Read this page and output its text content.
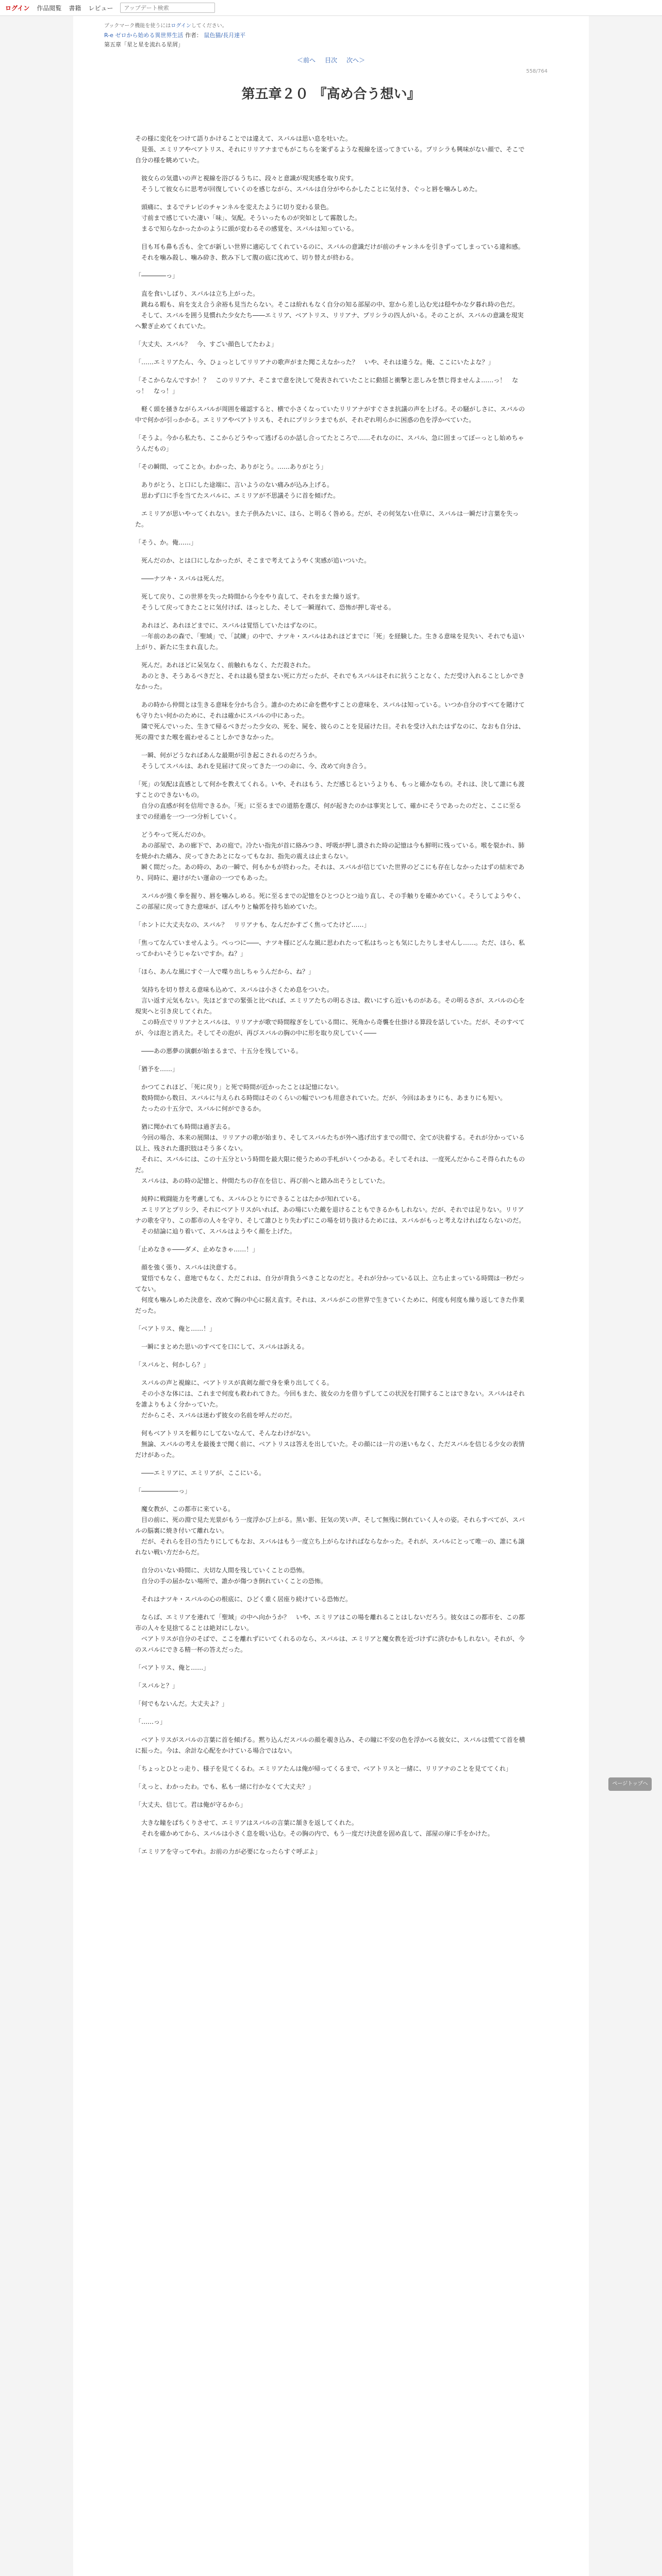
ログイン 作品閲覧 書籍 レビュー
アップデート検索
ブックマーク機能を使うにはログインしてください。
R-e ゼロから始める異世界生活 作者： 鼠色猫/長月達平
第五章「星と星を流れる星屑」
＜前へ 目次 次へ＞
558/764
第五章２０ 『高め合う想い』

その様に変化をつけて語りかけることでは違えて、スバルは思い息を吐いた。
　見張、エミリアやベアトリス、それにリリアナまでもがこちらを案ずるような視線を送ってきている。プリシラも興味がない顔で、そこで自分の様を眺めていた。

　彼女らの気遣いの声と視線を浴びるうちに、段々と意識が現実感を取り戻す。
　そうして彼女らに思考が回復していくのを感じながら、スバルは自分がやらかしたことに気付き、ぐっと唇を噛みしめた。

　頭痛に、まるでテレビのチャンネルを変えたように切り変わる景色。
　寸前まで感じていた凄い「味」、気配。そういったものが突如として霧散した。
　まるで知らなかったかのように頭が変わるその感覚を、スバルは知っている。

　目も耳も鼻も舌も、全てが新しい世界に適応してくれているのに、スバルの意識だけが前のチャンネルを引きずってしまっている違和感。
　それを噛み殺し、噛み砕き、飲み下して腹の底に沈めて、切り替えが終わる。

「――――っ」

　直を食いしばり、スバルは立ち上がった。
　跳ねる暇も、肩を支え合う余裕も見当たらない。そこは紛れもなく自分の知る部屋の中、窓から差し込む光は穏やかな夕暮れ時の色だ。
　そして、スバルを囲う見慣れた少女たち――エミリア、ベアトリス、リリアナ、プリシラの四人がいる。そのことが、スバルの意識を現実へ繋ぎ止めてくれていた。

「大丈夫、スバル？　今、すごい顔色してたわよ」

「……エミリアたん、今、ひょっとしてリリアナの歌声がまた聞こえなかった？　いや、それは違うな。俺、ここにいたよな？」

「そこからなんですか！？　このリリアナ、そこまで意を決して発表されていたことに動揺と衝撃と悲しみを禁じ得ませんよ……っ！　なっ！　なっ！」

　軽く頭を掻きながらスバルが周囲を確認すると、横で小さくなっていたリリアナがすぐさま抗議の声を上げる。その騒がしさに、スバルの中で何かが引っかかる。エミリアやベアトリスも、それにプリシラまでもが、それぞれ明らかに困惑の色を浮かべていた。

「そうよ。今から私たち、ここからどうやって逃げるのか話し合ってたところで……それなのに、スバル、急に固まってぼーっとし始めちゃうんだもの」

「その瞬間、ってことか。わかった、ありがとう。……ありがとう」

　ありがとう、と口にした途端に、言いようのない痛みが込み上げる。
　思わず口に手を当てたスバルに、エミリアが不思議そうに首を傾げた。

　エミリアが思いやってくれない。また子供みたいに、ほら、と明るく咎める。だが、その何気ない仕草に、スバルは一瞬だけ言葉を失った。

「そう、か。俺……」

　死んだのか、とは口にしなかったが、そこまで考えてようやく実感が追いついた。

　――ナツキ・スバルは死んだ。

　死して戻り、この世界を失った時間から今をやり直して、それをまた繰り返す。
　そうして戻ってきたことに気付けば、ほっとした、そして一瞬遅れて、恐怖が押し寄せる。

　あれほど、あれほどまでに、スバルは覚悟していたはずなのに。
　一年前のあの森で、「聖域」で、「試練」の中で、ナツキ・スバルはあれほどまでに「死」を経験した。生きる意味を見失い、それでも這い上がり、新たに生まれ直した。

　死んだ。あれほどに呆気なく、前触れもなく、ただ殺された。
　あのとき、そうあるべきだと、それは最も望まない死に方だったが、それでもスバルはそれに抗うことなく、ただ受け入れることしかできなかった。

　あの時から仲間とは生きる意味を分かち合う。誰かのために命を燃やすことの意味を、スバルは知っている。いつか自分のすべてを賭けても守りたい何かのために、それは確かにスバルの中にあった。
　隣で死んでいった、生きて帰るべきだった少女の、死を、屍を、彼らのことを見届けた日。それを受け入れたはずなのに、なおも自分は、死の淵でまた喉を震わせることしかできなかった。

　一瞬、何がどうなればあんな最期が引き起こされるのだろうか。
　そうしてスバルは、あれを見届けて戻ってきた一つの命に、今、改めて向き合う。

「死」の気配は直感として何かを教えてくれる。いや、それはもう、ただ感じるというよりも、もっと確かなもの。それは、決して誰にも渡すことのできないもの。
　自分の直感が何を信用できるか。「死」に至るまでの道筋を選び、何が起きたのかは事実として、確かにそうであったのだと、ここに至るまでの経過を一つ一つ分析していく。

　どうやって死んだのか。
　あの部屋で、あの廊下で、あの庭で。冷たい指先が首に絡みつき、呼吸が押し潰された時の記憶は今も鮮明に残っている。喉を裂かれ、肺を焼かれた痛み、戻ってきたあとになってもなお、指先の震えは止まらない。
　瞬く間だった。あの時の、あの一瞬で、何もかもが終わった。それは、スバルが信じていた世界のどこにも存在しなかったはずの結末であり、同時に、避けがたい運命の一つでもあった。

　スバルが強く拳を握り、唇を噛みしめる。死に至るまでの記憶をひとつひとつ辿り直し、その手触りを確かめていく。そうしてようやく、この部屋に戻ってきた意味が、ぼんやりと輪郭を持ち始めていた。

「ホントに大丈夫なの、スバル？　リリアナも、なんだかすごく焦ってたけど……」

「焦ってなんていませんよう。ぺっつに――、ナツキ様にどんな風に思われたって私はちっとも気にしたりしませんし……。ただ、ほら、私ってかわいそうじゃないですか。ね？」

「ほら、あんな風にすぐ一人で喋り出しちゃうんだから、ね？」

　気持ちを切り替える意味も込めて、スバルは小さくため息をついた。
　言い返す元気もない。先ほどまでの緊張と比べれば、エミリアたちの明るさは、救いにすら近いものがある。その明るさが、スバルの心を現実へと引き戻してくれた。
　この時点でリリアナとスバルは、リリアナが歌で時間稼ぎをしている間に、死角から奇襲を仕掛ける算段を話していた。だが、そのすべてが、今は泡と消えた。そしてその泡が、再びスバルの胸の中に形を取り戻していく――

　――あの悪夢の演劇が始まるまで、十五分を残している。

「猶予を……」

　かつてこれほど、「死に戻り」と死で時間が近かったことは記憶にない。
　数時間から数日、スバルに与えられる時間はそのくらいの幅でいつも用意されていた。だが、今回はあまりにも、あまりにも短い。
　たったの十五分で、スバルに何ができるか。

　猶に聞かれても時間は過ぎ去る。
　今回の場合、本来の展開は、リリアナの歌が始まり、そしてスバルたちが外へ逃げ出すまでの間で、全てが決着する。それが分かっている以上、残された選択肢はそう多くない。
　それに、スバルには、この十五分という時間を最大限に使うための手札がいくつかある。そしてそれは、一度死んだからこそ得られたものだ。
　スバルは、あの時の記憶と、仲間たちの存在を信じ、再び前へと踏み出そうとしていた。

　純粋に戦闘能力を考慮しても、スバルひとりにできることはたかが知れている。
　エミリアとプリシラ、それにベアトリスがいれば、あの場にいた敵を退けることもできるかもしれない。だが、それでは足りない。リリアナの歌を守り、この都市の人々を守り、そして誰ひとり失わずにこの場を切り抜けるためには、スバルがもっと考えなければならないのだ。
　その結論に辿り着いて、スバルはようやく顔を上げた。

「止めなきゃ――ダメ、止めなきゃ……！」

　顔を強く張り、スバルは決意する。
　覚悟でもなく、意地でもなく、ただこれは、自分が背負うべきことなのだと。それが分かっている以上、立ち止まっている時間は一秒だってない。
　何度も噛みしめた決意を、改めて胸の中心に据え直す。それは、スバルがこの世界で生きていくために、何度も何度も繰り返してきた作業だった。

「ベアトリス、俺と……！」

　一瞬にまとめた思いのすべてを口にして、スバルは訴える。

「スバルと、何かしら？」

　スバルの声と視線に、ベアトリスが真剣な顔で身を乗り出してくる。
　その小さな体には、これまで何度も救われてきた。今回もまた、彼女の力を借りずしてこの状況を打開することはできない。スバルはそれを誰よりもよく分かっていた。
　だからこそ、スバルは迷わず彼女の名前を呼んだのだ。

　何もベアトリスを頼りにしてないなんて、そんなわけがない。
　無論、スバルの考えを最後まで聞く前に、ベアトリスは答えを出していた。その顔には一片の迷いもなく、ただスバルを信じる少女の表情だけがあった。

　――エミリアに、エミリアが、ここにいる。

「――――――っ」

　魔女教が、この都市に来ている。
　目の前に、死の淵で見た光景がもう一度浮かび上がる。黒い影、狂気の笑い声、そして無残に倒れていく人々の姿。それらすべてが、スバルの脳裏に焼き付いて離れない。
　だが、それらを目の当たりにしてもなお、スバルはもう一度立ち上がらなければならなかった。それが、スバルにとって唯一の、誰にも譲れない戦い方だからだ。

　自分のいない時間に、大切な人間を残していくことの恐怖。
　自分の手の届かない場所で、誰かが傷つき倒れていくことの恐怖。

　それはナツキ・スバルの心の根底に、ひどく重く居座り続けている恐怖だ。

　ならば、エミリアを連れて「聖域」の中へ向かうか？　いや、エミリアはこの場を離れることはしないだろう。彼女はこの都市を、この都市の人々を見捨てることは絶対にしない。
　ベアトリスが自分のそばで、ここを離れずにいてくれるのなら、スバルは、エミリアと魔女教を近づけずに済むかもしれない。それが、今のスバルにできる精一杯の答えだった。

「ベアトリス、俺と……」

「スバルと？」

「何でもないんだ。大丈夫よ？」

「……っ」

　ベアトリスがスバルの言葉に首を傾げる。黙り込んだスバルの顔を覗き込み、その瞳に不安の色を浮かべる彼女に、スバルは慌てて首を横に振った。今は、余計な心配をかけている場合ではない。

「ちょっとひとっ走り、様子を見てくるわ。エミリアたんは俺が帰ってくるまで、ベアトリスと一緒に、リリアナのことを見ててくれ」

「えっと、わかったわ。でも、私も一緒に行かなくて大丈夫？」

「大丈夫、信じて。君は俺が守るから」

　大きな瞳をぱちくりさせて、エミリアはスバルの言葉に頷きを返してくれた。
　それを確かめてから、スバルは小さく息を吸い込む。その胸の内で、もう一度だけ決意を固め直して、部屋の扉に手をかけた。

「エミリアを守ってやれ。お前の力が必要になったらすぐ呼ぶよ」

ページトップへ
